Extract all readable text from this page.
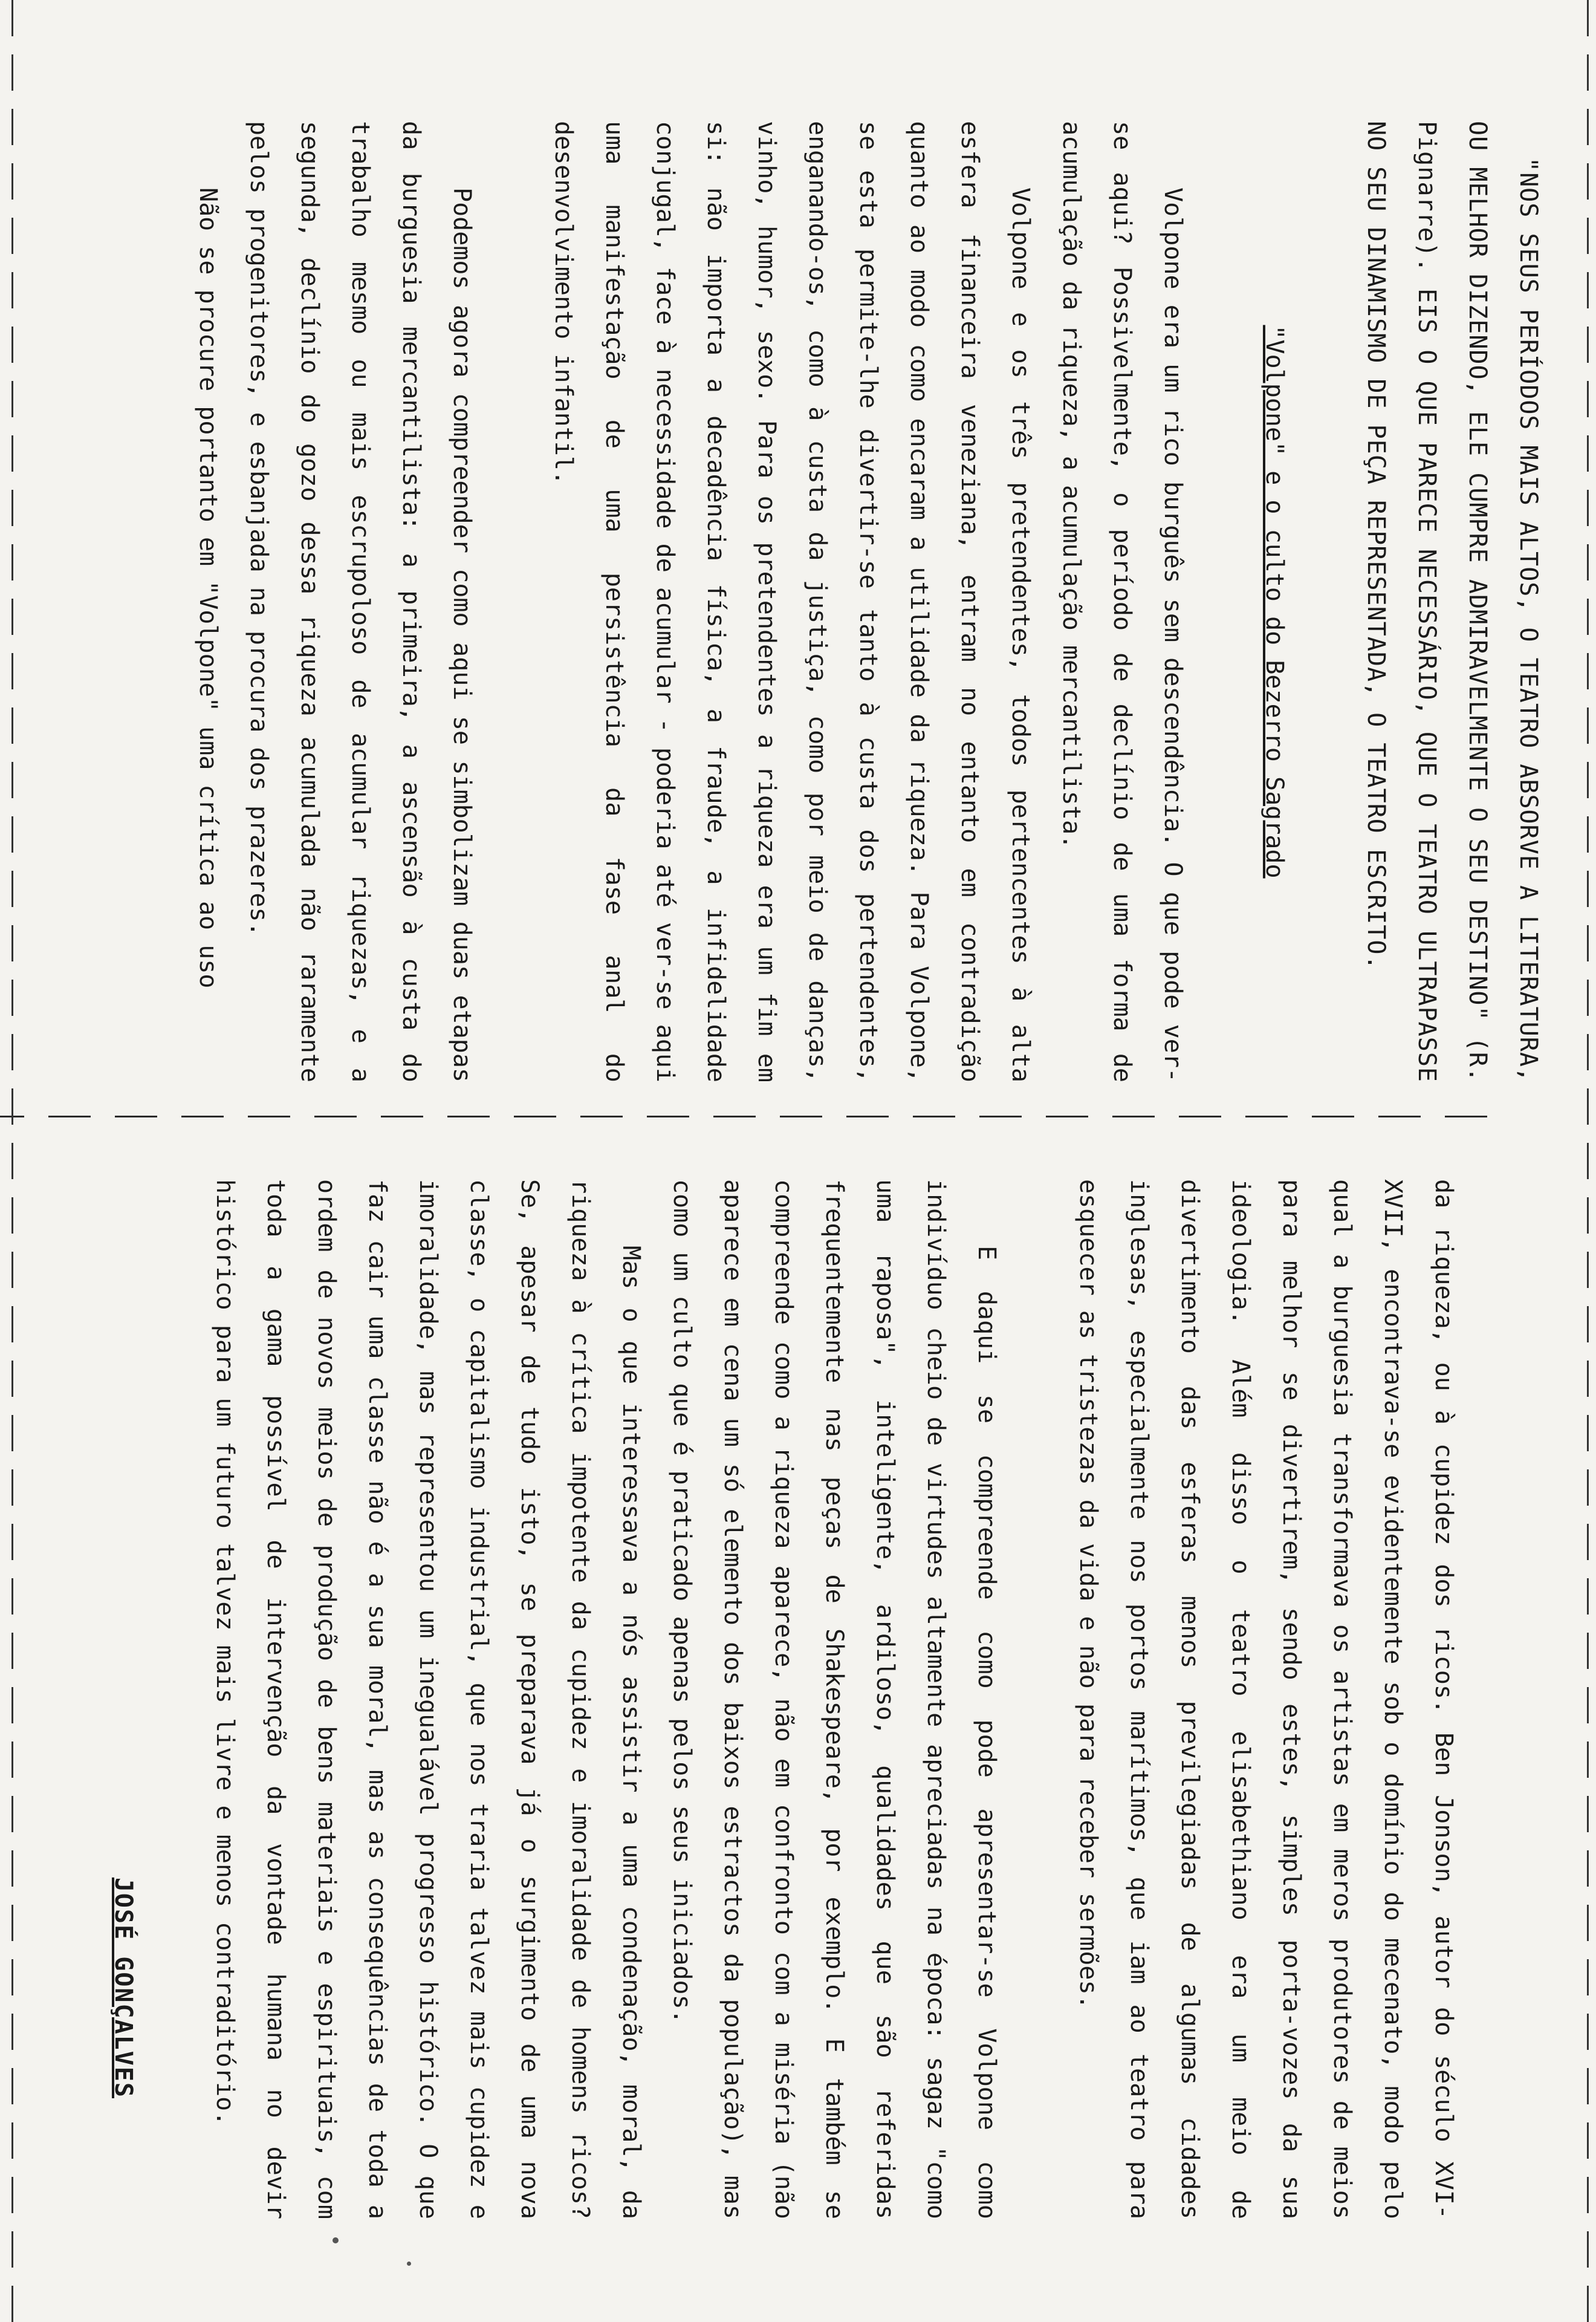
"NOS SEUS PERÍODOS MAIS ALTOS, O TEATRO ABSORVE A LITERATURA, OU MELHOR DIZENDO, ELE CUMPRE ADMIRAVELMENTE O SEU DESTINO" (R. Pignarre). EIS O QUE PARECE NECESSÁRIO, QUE O TEATRO ULTRAPASSE NO SEU DINAMISMO DE PEÇA REPRESENTADA, O TEATRO ESCRITO.

"Volpone" e o culto do Bezerro Sagrado

Volpone era um rico burguês sem descendência. O que pode ver-se aqui? Possivelmente, o período de declínio de uma forma de acumulação da riqueza, a acumulação mercantilista.

Volpone e os três pretendentes, todos pertencentes à alta esfera financeira veneziana, entram no entanto em contradição quanto ao modo como encaram a utilidade da riqueza. Para Volpone, se esta permite-lhe divertir-se tanto à custa dos pertendentes, enganando-os, como à custa da justiça, como por meio de danças, vinho, humor, sexo. Para os pretendentes a riqueza era um fim em si: não importa a decadência física, a fraude, a infidelidade conjugal, face à necessidade de acumular - poderia até ver-se aqui uma manifestação de uma persistência da fase anal do desenvolvimento infantil.

Podemos agora compreender como aqui se simbolizam duas etapas da burguesia mercantilista: a primeira, a ascensão à custa do trabalho mesmo ou mais escrupoloso de acumular riquezas, e a segunda, declínio do gozo dessa riqueza acumulada não raramente pelos progenitores, e esbanjada na procura dos prazeres.

Não se procure portanto em "Volpone" uma crítica ao uso

da riqueza, ou à cupidez dos ricos. Ben Jonson, autor do século XVI-XVII, encontrava-se evidentemente sob o domínio do mecenato, modo pelo qual a burguesia transformava os artistas em meros produtores de meios para melhor se divertirem, sendo estes, simples porta-vozes da sua ideologia. Além disso o teatro elisabethiano era um meio de divertimento das esferas menos previlegiadas de algumas cidades inglesas, especialmente nos portos marítimos, que iam ao teatro para esquecer as tristezas da vida e não para receber sermões.

E daqui se compreende como pode apresentar-se Volpone como indivíduo cheio de virtudes altamente apreciadas na época: sagaz "como uma raposa", inteligente, ardiloso, qualidades que são referidas frequentemente nas peças de Shakespeare, por exemplo. E também se compreende como a riqueza aparece, não em confronto com a miséria (não aparece em cena um só elemento dos baixos estractos da população), mas como um culto que é praticado apenas pelos seus iniciados.

Mas o que interessava a nós assistir a uma condenação, moral, da riqueza à crítica impotente da cupidez e imoralidade de homens ricos? Se, apesar de tudo isto, se preparava já o surgimento de uma nova classe, o capitalismo industrial, que nos traria talvez mais cupidez e imoralidade, mas representou um inegualável progresso histórico. O que faz cair uma classe não é a sua moral, mas as consequências de toda a ordem de novos meios de produção de bens materiais e espirituais, com toda a gama possível de intervenção da vontade humana no devir histórico para um futuro talvez mais livre e menos contraditório.

JOSÉ GONÇALVES
